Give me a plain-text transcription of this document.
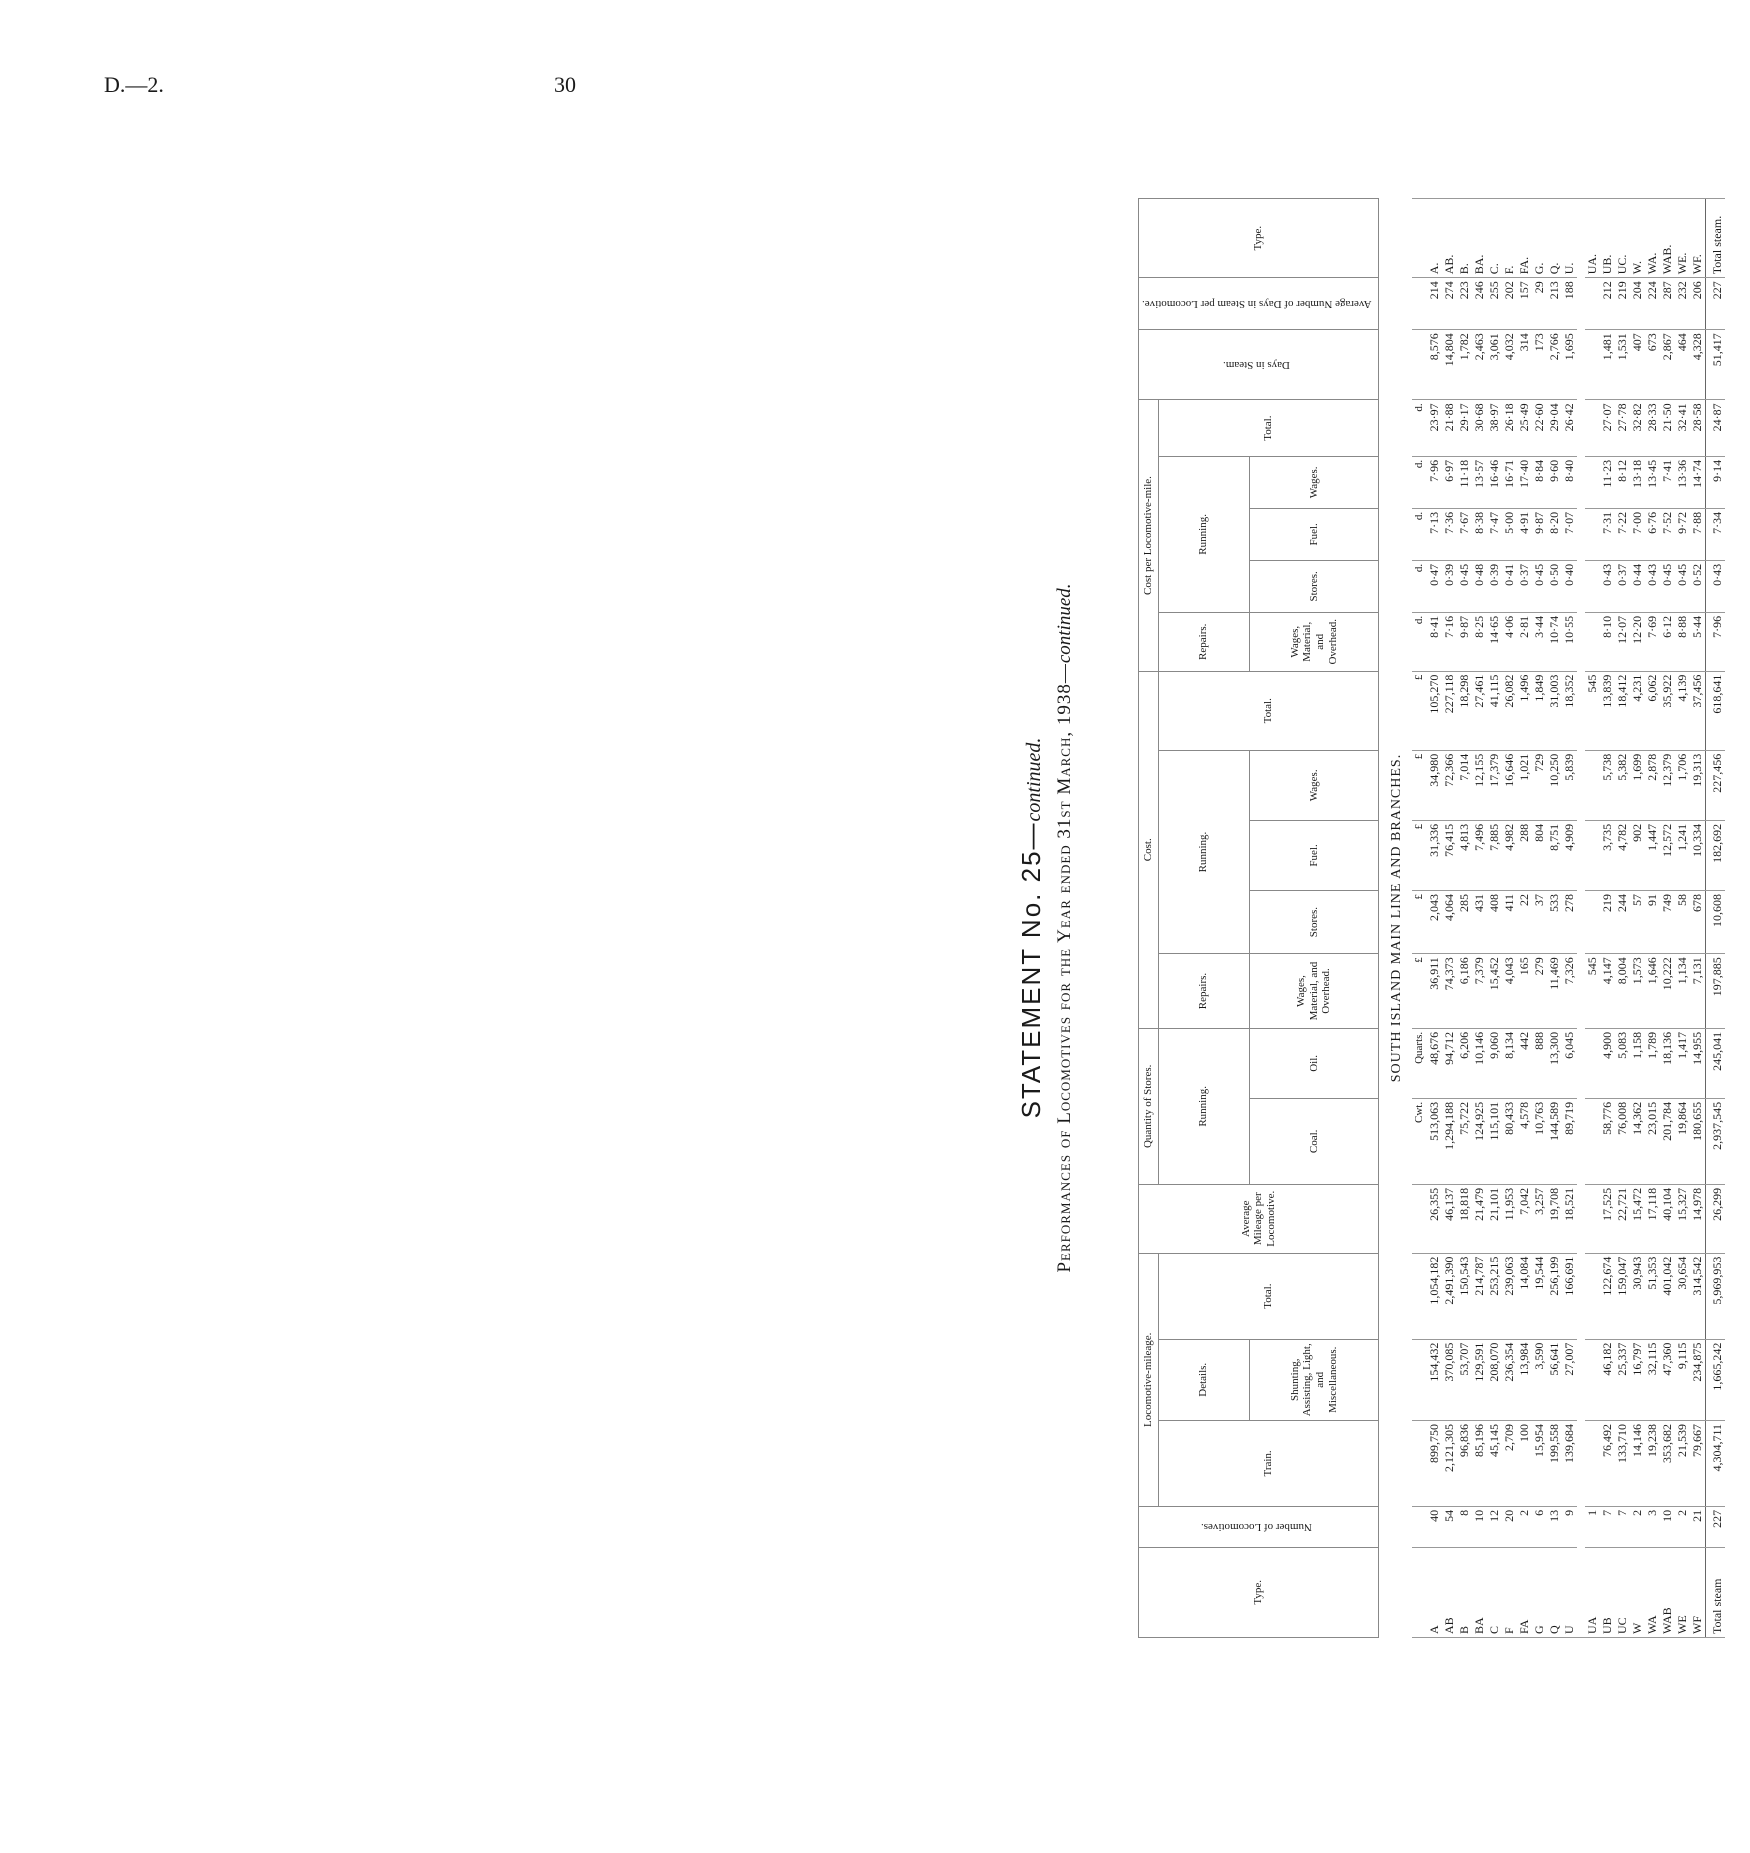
D.—2.	30
STATEMENT No. 25—continued. Performances of Locomotives for the Year ended 31st March, 1938—continued.
Type.	Number of Locomotives.	Locomotive-mileage.			Average Mileage per Locomotive.	Quantity of Stores.		Cost.					Cost per Locomotive-mile.					Days in Steam.	Average Number of Days in Steam per Locomotive.	Type.
		Train.	Details.	Total.		Running.		Repairs.	Running.			Total.	Repairs.	Running.			Total.			
			Shunting, Assisting, Light, and Miscellaneous.			Coal.	Oil.	Wages, Material, and Overhead.	Stores.	Fuel.	Wages.		Wages, Material, and Overhead.	Stores.	Fuel.	Wages.				

SOUTH ISLAND MAIN LINE AND BRANCHES.																				
						Cwt.	Quarts.	£	£	£	£	£	d.	d.	d.	d.	d.			
A	40	899,750	154,432	1,054,182	26,355	513,063	48,676	36,911	2,043	31,336	34,980	105,270	8·41	0·47	7·13	7·96	23·97	8,576	214	A.
AB	54	2,121,305	370,085	2,491,390	46,137	1,294,188	94,712	74,373	4,064	76,415	72,366	227,118	7·16	0·39	7·36	6·97	21·88	14,804	274	AB.
B	8	96,836	53,707	150,543	18,818	75,722	6,206	6,186	285	4,813	7,014	18,298	9·87	0·45	7·67	11·18	29·17	1,782	223	B.
BA	10	85,196	129,591	214,787	21,479	124,925	10,146	7,379	431	7,496	12,155	27,461	8·25	0·48	8·38	13·57	30·68	2,463	246	BA.
C	12	45,145	208,070	253,215	21,101	115,101	9,060	15,452	408	7,885	17,379	41,115	14·65	0·39	7·47	16·46	38·97	3,061	255	C.
F	20	2,709	236,354	239,063	11,953	80,433	8,134	4,043	411	4,982	16,646	26,082	4·06	0·41	5·00	16·71	26·18	4,032	202	F.
FA	2	100	13,984	14,084	7,042	4,578	442	165	22	288	1,021	1,496	2·81	0·37	4·91	17·40	25·49	314	157	FA.
G	6	15,954	3,590	19,544	3,257	10,763	888	279	37	804	729	1,849	3·44	0·45	9·87	8·84	22·60	173	29	G.
Q	13	199,558	56,641	256,199	19,708	144,589	13,300	11,469	533	8,751	10,250	31,003	10·74	0·50	8·20	9·60	29·04	2,766	213	Q.
U	9	139,684	27,007	166,691	18,521	89,719	6,045	7,326	278	4,909	5,839	18,352	10·55	0·40	7·07	8·40	26·42	1,695	188	U.

UA	1							545				545								UA.
UB	7	76,492	46,182	122,674	17,525	58,776	4,900	4,147	219	3,735	5,738	13,839	8·10	0·43	7·31	11·23	27·07	1,481	212	UB.
UC	7	133,710	25,337	159,047	22,721	76,008	5,083	8,004	244	4,782	5,382	18,412	12·07	0·37	7·22	8·12	27·78	1,531	219	UC.
W	2	14,146	16,797	30,943	15,472	14,362	1,158	1,573	57	902	1,699	4,231	12·20	0·44	7·00	13·18	32·82	407	204	W.
WA	3	19,238	32,115	51,353	17,118	23,015	1,789	1,646	91	1,447	2,878	6,062	7·69	0·43	6·76	13·45	28·33	673	224	WA.
WAB	10	353,682	47,360	401,042	40,104	201,784	18,136	10,222	749	12,572	12,379	35,922	6·12	0·45	7·52	7·41	21·50	2,867	287	WAB.
WE	2	21,539	9,115	30,654	15,327	19,864	1,417	1,134	58	1,241	1,706	4,139	8·88	0·45	9·72	13·36	32·41	464	232	WE.
WF	21	79,667	234,875	314,542	14,978	180,655	14,955	7,131	678	10,334	19,313	37,456	5·44	0·52	7·88	14·74	28·58	4,328	206	WF.
Total steam	227	4,304,711	1,665,242	5,969,953	26,299	2,937,545	245,041	197,885	10,608	182,692	227,456	618,641	7·96	0·43	7·34	9·14	24·87	51,417	227	Total steam.
